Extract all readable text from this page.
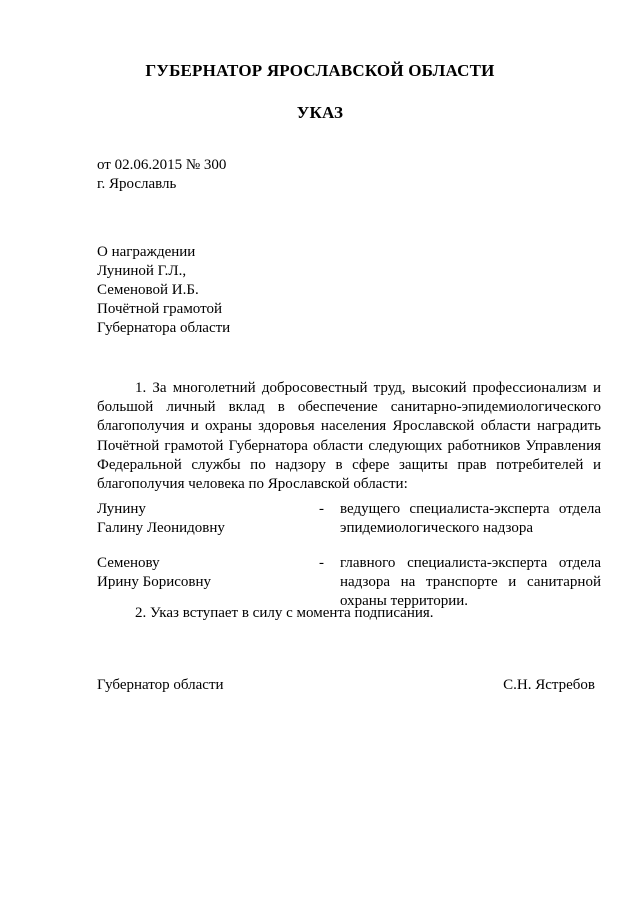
ГУБЕРНАТОР ЯРОСЛАВСКОЙ ОБЛАСТИ
УКАЗ
от 02.06.2015 № 300
г. Ярославль
О награждении
Луниной Г.Л.,
Семеновой И.Б.
Почётной грамотой
Губернатора области
1. За многолетний добросовестный труд, высокий профессионализм и большой личный вклад в обеспечение санитарно-эпидемиологического благополучия и охраны здоровья населения Ярославской области наградить Почётной грамотой Губернатора области следующих работников Управления Федеральной службы по надзору в сфере защиты прав потребителей и благополучия человека по Ярославской области:
Лунину
Галину Леонидовну
- ведущего специалиста-эксперта отдела эпидемиологического надзора
Семенову
Ирину Борисовну
- главного специалиста-эксперта отдела надзора на транспорте и санитарной охраны территории.
2. Указ вступает в силу с момента подписания.
Губернатор области	С.Н. Ястребов
